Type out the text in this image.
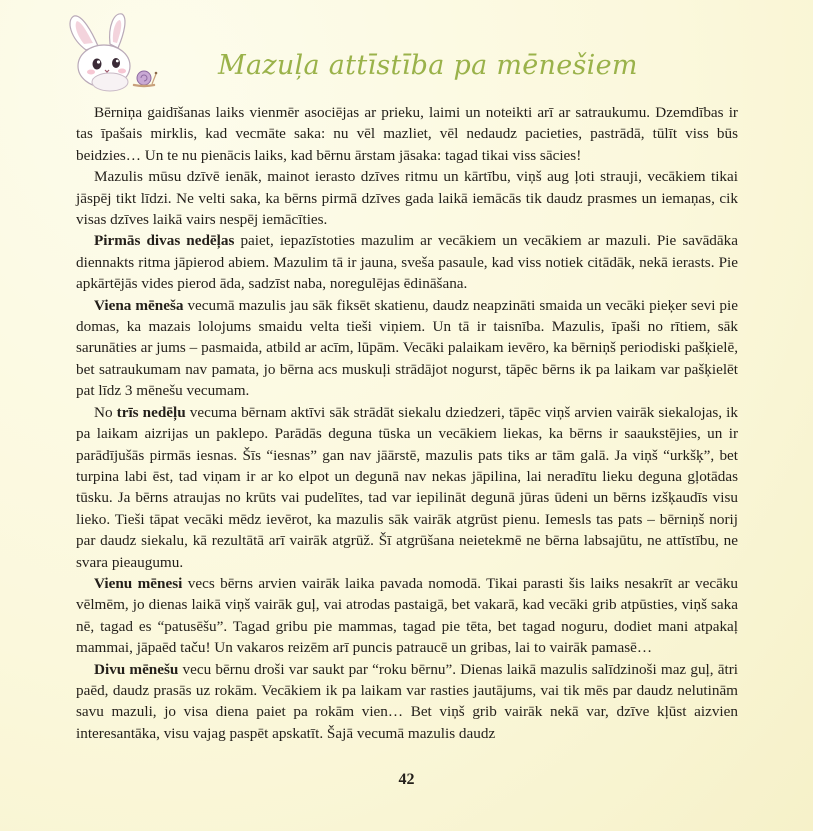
Mazuļa attīstība pa mēnešiem

Bērniņa gaidīšanas laiks vienmēr asociējas ar prieku, laimi un noteikti arī ar satraukumu. Dzemdības ir tas īpašais mirklis, kad vecmāte saka: nu vēl mazliet, vēl nedaudz pacieties, pastrādā, tūlīt viss būs beidzies… Un te nu pienācis laiks, kad bērnu ārstam jāsaka: tagad tikai viss sācies!

Mazulis mūsu dzīvē ienāk, mainot ierasto dzīves ritmu un kārtību, viņš aug ļoti strauji, vecākiem tikai jāspēj tikt līdzi. Ne velti saka, ka bērns pirmā dzīves gada laikā iemācās tik daudz prasmes un iemaņas, cik visas dzīves laikā vairs nespēj iemācīties.

Pirmās divas nedēļas paiet, iepazīstoties mazulim ar vecākiem un vecākiem ar mazuli. Pie savādāka diennakts ritma jāpierod abiem. Mazulim tā ir jauna, sveša pasaule, kad viss notiek citādāk, nekā ierasts. Pie apkārtējās vides pierod āda, sadzīst naba, noregulējas ēdināšana.

Viena mēneša vecumā mazulis jau sāk fiksēt skatienu, daudz neapzināti smaida un vecāki pieķer sevi pie domas, ka mazais lolojums smaidu velta tieši viņiem. Un tā ir taisnība. Mazulis, īpaši no rītiem, sāk sarunāties ar jums – pasmaida, atbild ar acīm, lūpām. Vecāki palaikam ievēro, ka bērniņš periodiski pašķielē, bet satraukumam nav pamata, jo bērna acs muskuļi strādājot nogurst, tāpēc bērns ik pa laikam var pašķielēt pat līdz 3 mēnešu vecumam.

No trīs nedēļu vecuma bērnam aktīvi sāk strādāt siekalu dziedzeri, tāpēc viņš arvien vairāk siekalojas, ik pa laikam aizrijas un paklepo. Parādās deguna tūska un vecākiem liekas, ka bērns ir saaukstējies, un ir parādījušās pirmās iesnas. Šīs “iesnas” gan nav jāārstē, mazulis pats tiks ar tām galā. Ja viņš “urkšķ”, bet turpina labi ēst, tad viņam ir ar ko elpot un degunā nav nekas jāpilina, lai neradītu lieku deguna gļotādas tūsku. Ja bērns atraujas no krūts vai pudelītes, tad var iepilināt degunā jūras ūdeni un bērns izšķaudīs visu lieko. Tieši tāpat vecāki mēdz ievērot, ka mazulis sāk vairāk atgrūst pienu. Iemesls tas pats – bērniņš norij par daudz siekalu, kā rezultātā arī vairāk atgrūž. Šī atgrūšana neietekmē ne bērna labsajūtu, ne attīstību, ne svara pieaugumu.

Vienu mēnesi vecs bērns arvien vairāk laika pavada nomodā. Tikai parasti šis laiks nesakrīt ar vecāku vēlmēm, jo dienas laikā viņš vairāk guļ, vai atrodas pastaigā, bet vakarā, kad vecāki grib atpūsties, viņš saka nē, tagad es “patusēšu”. Tagad gribu pie mammas, tagad pie tēta, bet tagad noguru, dodiet mani atpakaļ mammai, jāpaēd taču! Un vakaros reizēm arī puncis patraucē un gribas, lai to vairāk pamasē…

Divu mēnešu vecu bērnu droši var saukt par “roku bērnu”. Dienas laikā mazulis salīdzinoši maz guļ, ātri paēd, daudz prasās uz rokām. Vecākiem ik pa laikam var rasties jautājums, vai tik mēs par daudz nelutinām savu mazuli, jo visa diena paiet pa rokām vien… Bet viņš grib vairāk nekā var, dzīve kļūst aizvien interesantāka, visu vajag paspēt apskatīt. Šajā vecumā mazulis daudz

42
